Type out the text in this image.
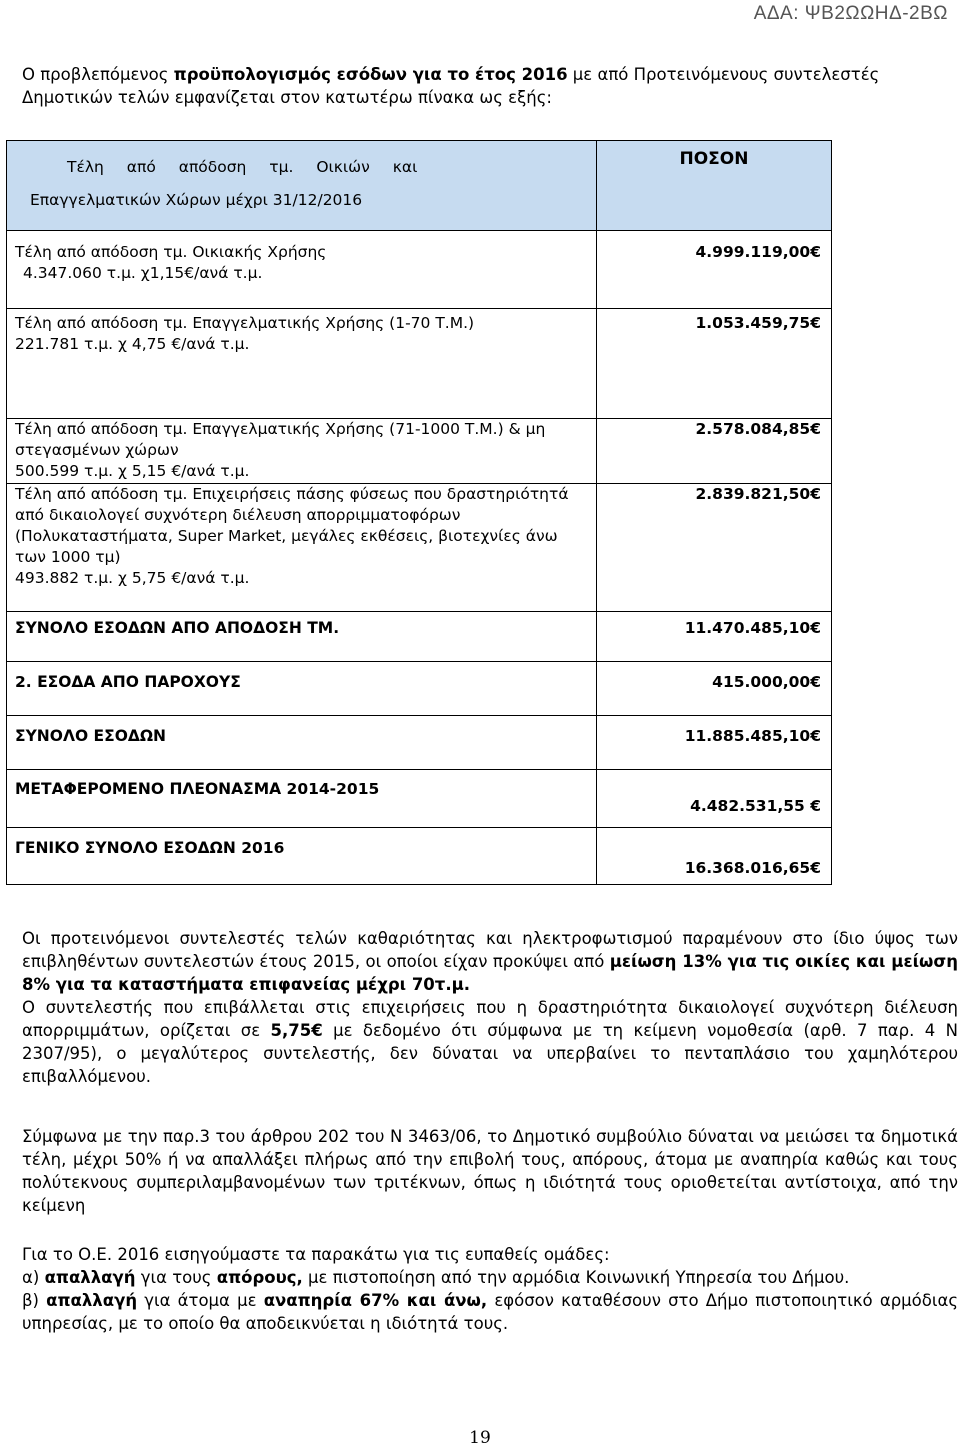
ΑΔΑ: ΨΒ2ΩΩΗΔ-2ΒΩ
Ο προβλεπόμενος προϋπολογισμός εσόδων για το έτος 2016 με από Προτεινόμενους συντελεστές Δημοτικών τελών εμφανίζεται στον κατωτέρω πίνακα ως εξής:
Τέλη από απόδοση τμ. Οικιών και
Επαγγελματικών Χώρων μέχρι 31/12/2016	ΠΟΣΟΝ

Τέλη από απόδοση τμ. Οικιακής Χρήσης
4.347.060 τ.μ. χ1,15€/ανά τ.μ.	4.999.119,00€

Τέλη από απόδοση τμ. Επαγγελματικής Χρήσης (1-70 Τ.Μ.)
221.781 τ.μ. χ 4,75 €/ανά τ.μ.	1.053.459,75€

Τέλη από απόδοση τμ. Επαγγελματικής Χρήσης (71-1000 Τ.Μ.) & μη στεγασμένων χώρων
500.599 τ.μ. χ 5,15 €/ανά τ.μ.	2.578.084,85€

Τέλη από απόδοση τμ. Επιχειρήσεις πάσης φύσεως που δραστηριότητά από δικαιολογεί συχνότερη διέλευση απορριμματοφόρων (Πολυκαταστήματα, Super Market, μεγάλες εκθέσεις, βιοτεχνίες άνω των 1000 τμ)
493.882 τ.μ. χ 5,75 €/ανά τ.μ.	2.839.821,50€
ΣΥΝΟΛΟ ΕΣΟΔΩΝ ΑΠΟ ΑΠΟΔΟΣΗ ΤΜ.	11.470.485,10€
2. ΕΣΟΔΑ ΑΠΟ ΠΑΡΟΧΟΥΣ	415.000,00€
ΣΥΝΟΛΟ ΕΣΟΔΩΝ	11.885.485,10€
ΜΕΤΑΦΕΡΟΜΕΝΟ ΠΛΕΟΝΑΣΜΑ 2014-2015	4.482.531,55 €
ΓΕΝΙΚΟ ΣΥΝΟΛΟ ΕΣΟΔΩΝ 2016	16.368.016,65€
Οι προτεινόμενοι συντελεστές τελών καθαριότητας και ηλεκτροφωτισμού παραμένουν στο ίδιο ύψος των επιβληθέντων συντελεστών έτους 2015, οι οποίοι είχαν προκύψει από μείωση 13% για τις οικίες και μείωση 8% για τα καταστήματα επιφανείας μέχρι 70τ.μ.
Ο συντελεστής που επιβάλλεται στις επιχειρήσεις που η δραστηριότητα δικαιολογεί συχνότερη διέλευση απορριμμάτων, ορίζεται σε 5,75€ με δεδομένο ότι σύμφωνα με τη κείμενη νομοθεσία (αρθ. 7 παρ. 4 Ν 2307/95), ο μεγαλύτερος συντελεστής, δεν δύναται να υπερβαίνει το πενταπλάσιο του χαμηλότερου επιβαλλόμενου.
Σύμφωνα με την παρ.3 του άρθρου 202 του Ν 3463/06, το Δημοτικό συμβούλιο δύναται να μειώσει τα δημοτικά τέλη, μέχρι 50% ή να απαλλάξει πλήρως από την επιβολή τους, απόρους, άτομα με αναπηρία καθώς και τους πολύτεκνους συμπεριλαμβανομένων των τριτέκνων, όπως η ιδιότητά τους οριοθετείται αντίστοιχα, από την κείμενη
Για το Ο.Ε. 2016 εισηγούμαστε τα παρακάτω για τις ευπαθείς ομάδες:
α) απαλλαγή για τους απόρους, με πιστοποίηση από την αρμόδια Κοινωνική Υπηρεσία του Δήμου.
β) απαλλαγή για άτομα με αναπηρία 67% και άνω, εφόσον καταθέσουν στο Δήμο πιστοποιητικό αρμόδιας υπηρεσίας, με το οποίο θα αποδεικνύεται η ιδιότητά τους.
19
